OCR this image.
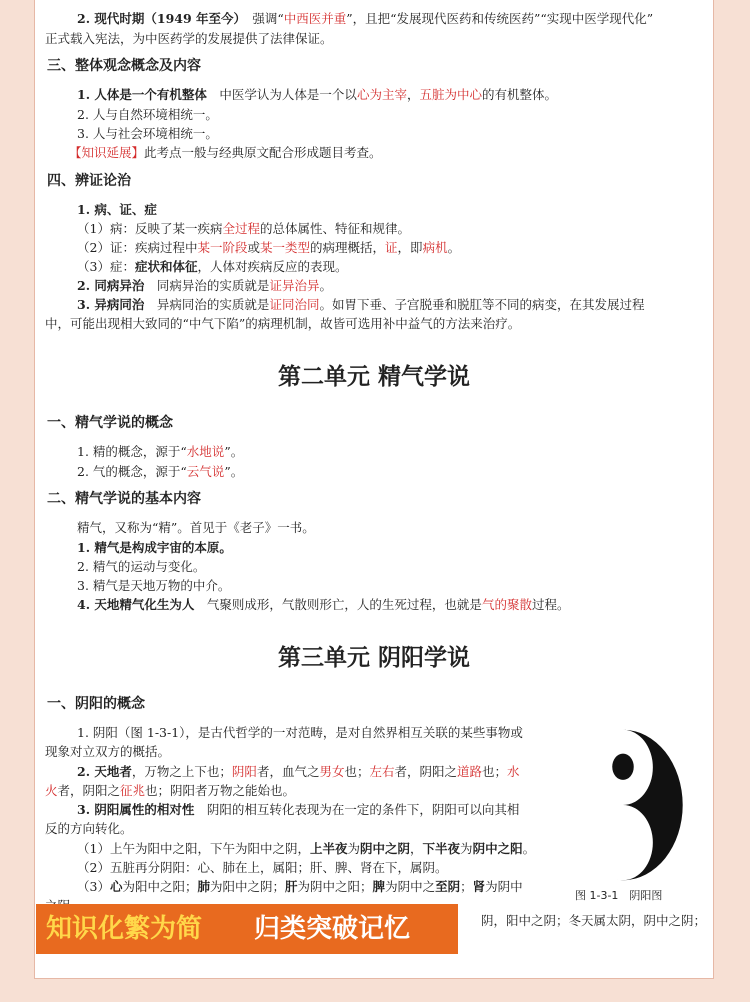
2. 现代时期（1949 年至今）　 强调“中西医并重”，且把“发展现代医药和传统医药”“实现中医学现代化”
正式载入宪法，为中医药学的发展提供了法律保证。
三、整体观念概念及内容
1. 人体是一个有机整体　 中医学认为人体是一个以心为主宰，五脏为中心的有机整体。
2. 人与自然环境相统一。
3. 人与社会环境相统一。
【知识延展】此考点一般与经典原文配合形成题目考查。
四、辨证论治
1. 病、证、症
（1）病：反映了某一疾病全过程的总体属性、特征和规律。
（2）证：疾病过程中某一阶段或某一类型的病理概括，证，即病机。
（3）症：症状和体征，人体对疾病反应的表现。
2. 同病异治　 同病异治的实质就是证异治异。
3. 异病同治　 异病同治的实质就是证同治同。如胃下垂、子宫脱垂和脱肛等不同的病变，在其发展过程
中，可能出现相大致同的“中气下陷”的病理机制，故皆可选用补中益气的方法来治疗。
第二单元 精气学说
一、精气学说的概念
1. 精的概念，源于“水地说”。
2. 气的概念，源于“云气说”。
二、精气学说的基本内容
精气，又称为“精”。首见于《老子》一书。
1. 精气是构成宇宙的本原。
2. 精气的运动与变化。
3. 精气是天地万物的中介。
4. 天地精气化生为人　 气聚则成形，气散则形亡，人的生死过程，也就是气的聚散过程。
第三单元 阴阳学说
一、阴阳的概念
1. 阴阳（图 1-3-1），是古代哲学的一对范畴，是对自然界相互关联的某些事物或
现象对立双方的概括。
2. 天地者，万物之上下也；阴阳者，血气之男女也；左右者，阴阳之道路也；水
火者，阴阳之征兆也；阴阳者万物之能始也。
3. 阴阳属性的相对性　 阴阳的相互转化表现为在一定的条件下，阴阳可以向其相
反的方向转化。
（1）上午为阳中之阳，下午为阳中之阴，上半夜为阴中之阴，下半夜为阴中之阳。
（2）五脏再分阴阳：心、肺在上，属阳；肝、脾、肾在下，属阴。
（3）心为阳中之阳；肺为阳中之阴；肝为阴中之阳；脾为阴中之至阴；肾为阴中
阴，阳中之阴；冬天属太阴，阴中之阴；
图 1-3-1　阴阳图
知识化繁为简 归类突破记忆
